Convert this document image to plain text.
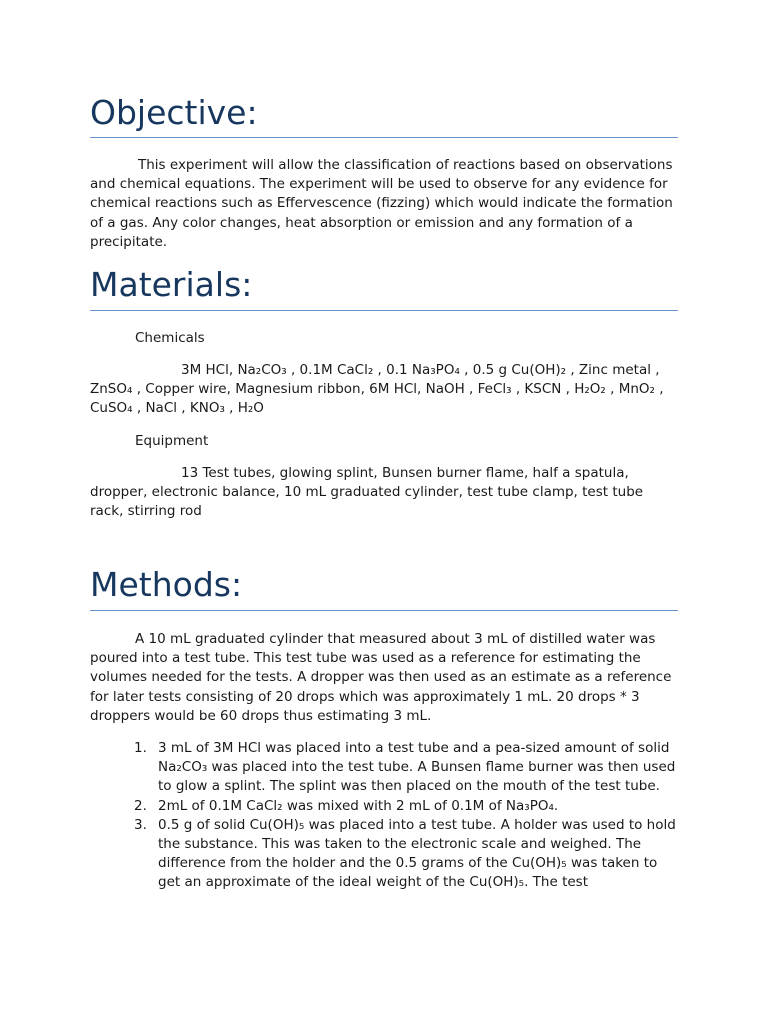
Objective:

This experiment will allow the classification of reactions based on observations and chemical equations. The experiment will be used to observe for any evidence for chemical reactions such as Effervescence (fizzing) which would indicate the formation of a gas. Any color changes, heat absorption or emission and any formation of a precipitate.

Materials:

Chemicals

3M HCl, Na₂CO₃ , 0.1M CaCl₂ , 0.1 Na₃PO₄ , 0.5 g Cu(OH)₂ , Zinc metal , ZnSO₄ , Copper wire, Magnesium ribbon, 6M HCl, NaOH , FeCl₃ , KSCN , H₂O₂ , MnO₂ , CuSO₄ , NaCl , KNO₃ , H₂O

Equipment

13 Test tubes, glowing splint, Bunsen burner flame, half a spatula, dropper, electronic balance, 10 mL graduated cylinder, test tube clamp, test tube rack, stirring rod

Methods:

A 10 mL graduated cylinder that measured about 3 mL of distilled water was poured into a test tube. This test tube was used as a reference for estimating the volumes needed for the tests. A dropper was then used as an estimate as a reference for later tests consisting of 20 drops which was approximately 1 mL. 20 drops * 3 droppers would be 60 drops thus estimating 3 mL.

1. 3 mL of 3M HCl was placed into a test tube and a pea-sized amount of solid Na₂CO₃ was placed into the test tube. A Bunsen flame burner was then used to glow a splint. The splint was then placed on the mouth of the test tube.
2. 2mL of 0.1M CaCl₂ was mixed with 2 mL of 0.1M of Na₃PO₄.
3. 0.5 g of solid Cu(OH)₅ was placed into a test tube. A holder was used to hold the substance. This was taken to the electronic scale and weighed. The difference from the holder and the 0.5 grams of the Cu(OH)₅ was taken to get an approximate of the ideal weight of the Cu(OH)₅. The test
